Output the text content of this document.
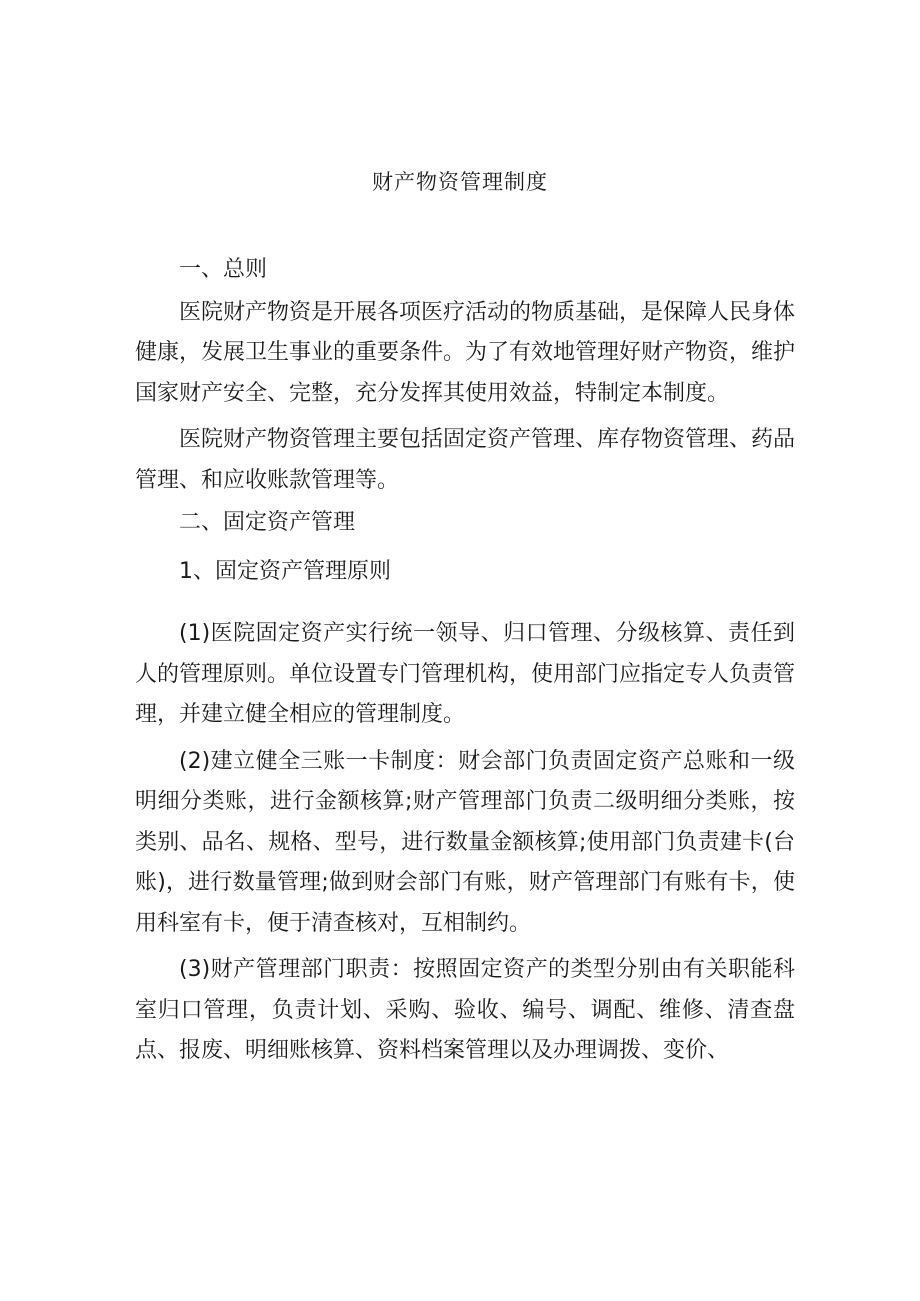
财产物资管理制度

一、总则

医院财产物资是开展各项医疗活动的物质基础，是保障人民身体健康，发展卫生事业的重要条件。为了有效地管理好财产物资，维护国家财产安全、完整，充分发挥其使用效益，特制定本制度。

医院财产物资管理主要包括固定资产管理、库存物资管理、药品管理、和应收账款管理等。

二、固定资产管理

1、固定资产管理原则

(1)医院固定资产实行统一领导、归口管理、分级核算、责任到人的管理原则。单位设置专门管理机构，使用部门应指定专人负责管理，并建立健全相应的管理制度。

(2)建立健全三账一卡制度：财会部门负责固定资产总账和一级明细分类账，进行金额核算;财产管理部门负责二级明细分类账，按类别、品名、规格、型号，进行数量金额核算;使用部门负责建卡(台账)，进行数量管理;做到财会部门有账，财产管理部门有账有卡，使用科室有卡，便于清查核对，互相制约。

(3)财产管理部门职责：按照固定资产的类型分别由有关职能科室归口管理，负责计划、采购、验收、编号、调配、维修、清查盘点、报废、明细账核算、资料档案管理以及办理调拨、变价、
